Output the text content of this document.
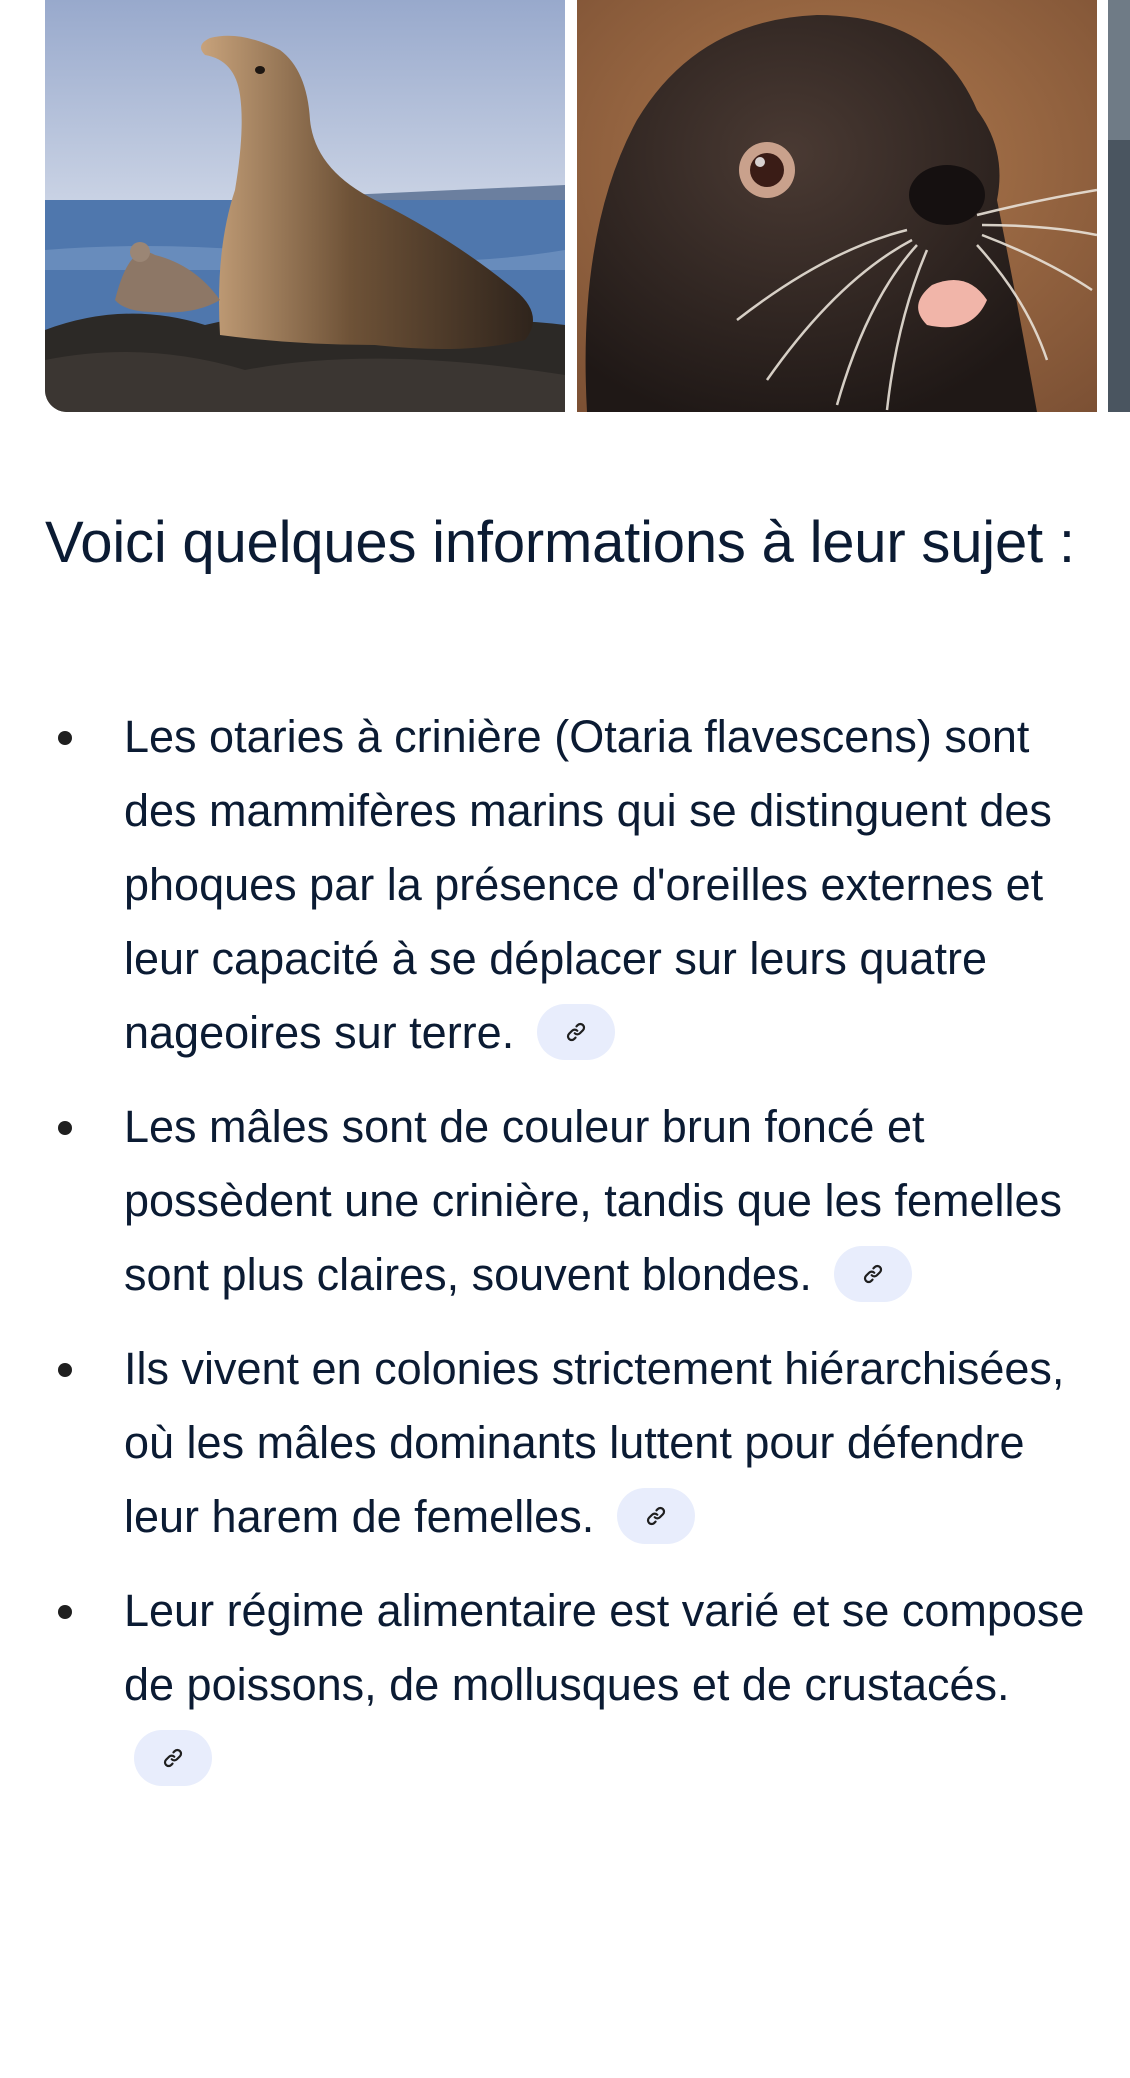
Voici quelques informations à leur sujet :
Les otaries à crinière (Otaria flavescens) sont des mammifères marins qui se distinguent des phoques par la présence d'oreilles externes et leur capacité à se déplacer sur leurs quatre nageoires sur terre.
Les mâles sont de couleur brun foncé et possèdent une crinière, tandis que les femelles sont plus claires, souvent blondes.
Ils vivent en colonies strictement hiérarchisées, où les mâles dominants luttent pour défendre leur harem de femelles.
Leur régime alimentaire est varié et se compose de poissons, de mollusques et de crustacés.
